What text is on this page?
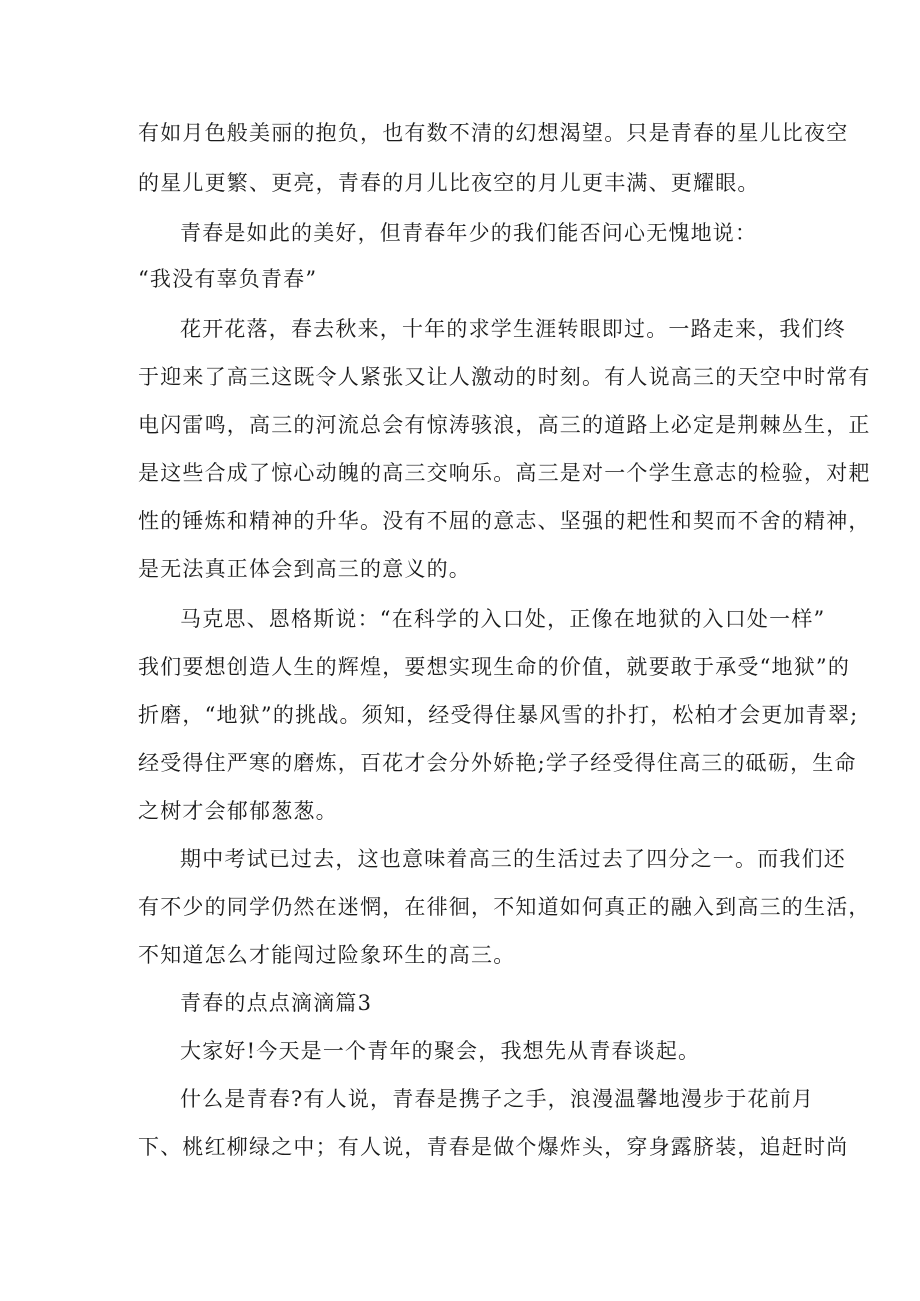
有如月色般美丽的抱负，也有数不清的幻想渴望。只是青春的星儿比夜空
的星儿更繁、更亮，青春的月儿比夜空的月儿更丰满、更耀眼。
青春是如此的美好，但青春年少的我们能否问心无愧地说：
“我没有辜负青春”
花开花落，春去秋来，十年的求学生涯转眼即过。一路走来，我们终
于迎来了高三这既令人紧张又让人激动的时刻。有人说高三的天空中时常有
电闪雷鸣，高三的河流总会有惊涛骇浪，高三的道路上必定是荆棘丛生，正
是这些合成了惊心动魄的高三交响乐。高三是对一个学生意志的检验，对耙
性的锤炼和精神的升华。没有不屈的意志、坚强的耙性和契而不舍的精神，
是无法真正体会到高三的意义的。
马克思、恩格斯说：“在科学的入口处，正像在地狱的入口处一样”
我们要想创造人生的辉煌，要想实现生命的价值，就要敢于承受“地狱”的
折磨，“地狱”的挑战。须知，经受得住暴风雪的扑打，松柏才会更加青翠;
经受得住严寒的磨炼，百花才会分外娇艳;学子经受得住高三的砥砺，生命
之树才会郁郁葱葱。
期中考试已过去，这也意味着高三的生活过去了四分之一。而我们还
有不少的同学仍然在迷惘，在徘徊，不知道如何真正的融入到高三的生活，
不知道怎么才能闯过险象环生的高三。
青春的点点滴滴篇3
大家好!今天是一个青年的聚会，我想先从青春谈起。
什么是青春?有人说，青春是携子之手，浪漫温馨地漫步于花前月
下、桃红柳绿之中；有人说，青春是做个爆炸头，穿身露脐装，追赶时尚
